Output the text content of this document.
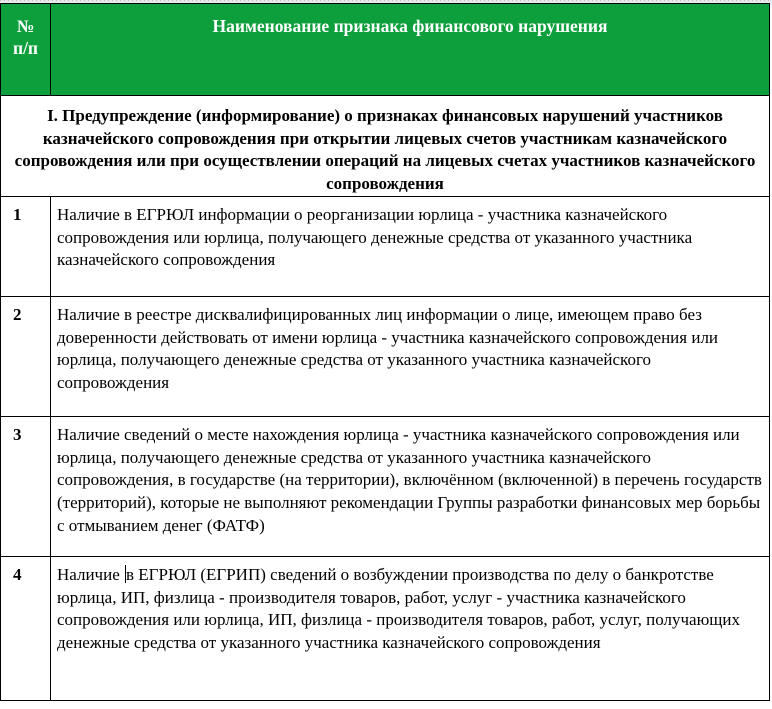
№
п/п	Наименование признака финансового нарушения
I. Предупреждение (информирование) о признаках финансовых нарушений участников казначейского сопровождения при открытии лицевых счетов участникам казначейского сопровождения или при осуществлении операций на лицевых счетах участников казначейского сопровождения	
1	Наличие в ЕГРЮЛ информации о реорганизации юрлица - участника казначейского сопровождения или юрлица, получающего денежные средства от указанного участника казначейского сопровождения
2	Наличие в реестре дисквалифицированных лиц информации о лице, имеющем право без доверенности действовать от имени юрлица - участника казначейского сопровождения или юрлица, получающего денежные средства от указанного участника казначейского сопровождения
3	Наличие сведений о месте нахождения юрлица - участника казначейского сопровождения или юрлица, получающего денежные средства от указанного участника казначейского сопровождения, в государстве (на территории), включённом (включенной) в перечень государств (территорий), которые не выполняют рекомендации Группы разработки финансовых мер борьбы с отмыванием денег (ФАТФ)
4	Наличие в ЕГРЮЛ (ЕГРИП) сведений о возбуждении производства по делу о банкротстве юрлица, ИП, физлица - производителя товаров, работ, услуг - участника казначейского сопровождения или юрлица, ИП, физлица - производителя товаров, работ, услуг, получающих денежные средства от указанного участника казначейского сопровождения
